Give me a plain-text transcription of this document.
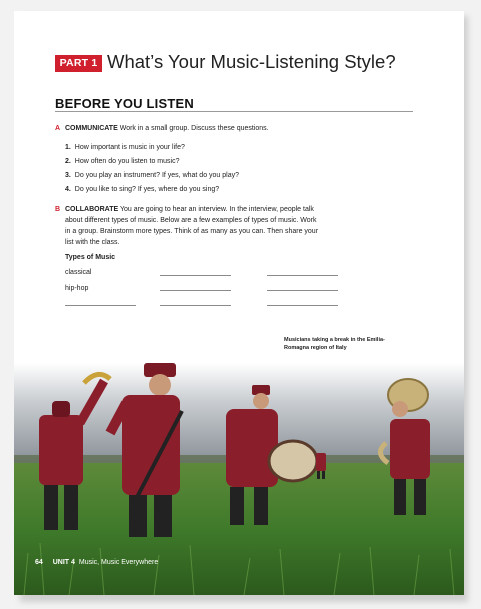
PART 1 What’s Your Music-Listening Style?
BEFORE YOU LISTEN
A COMMUNICATE Work in a small group. Discuss these questions.
1. How important is music in your life?
2. How often do you listen to music?
3. Do you play an instrument? If yes, what do you play?
4. Do you like to sing? If yes, where do you sing?
B COLLABORATE You are going to hear an interview. In the interview, people talk
about different types of music. Below are a few examples of types of music. Work
in a group. Brainstorm more types. Think of as many as you can. Then share your
list with the class.
Types of Music
classical
hip-hop
Musicians taking a break in the Emilia-Romagna region of Italy
64 UNIT 4 Music, Music Everywhere
